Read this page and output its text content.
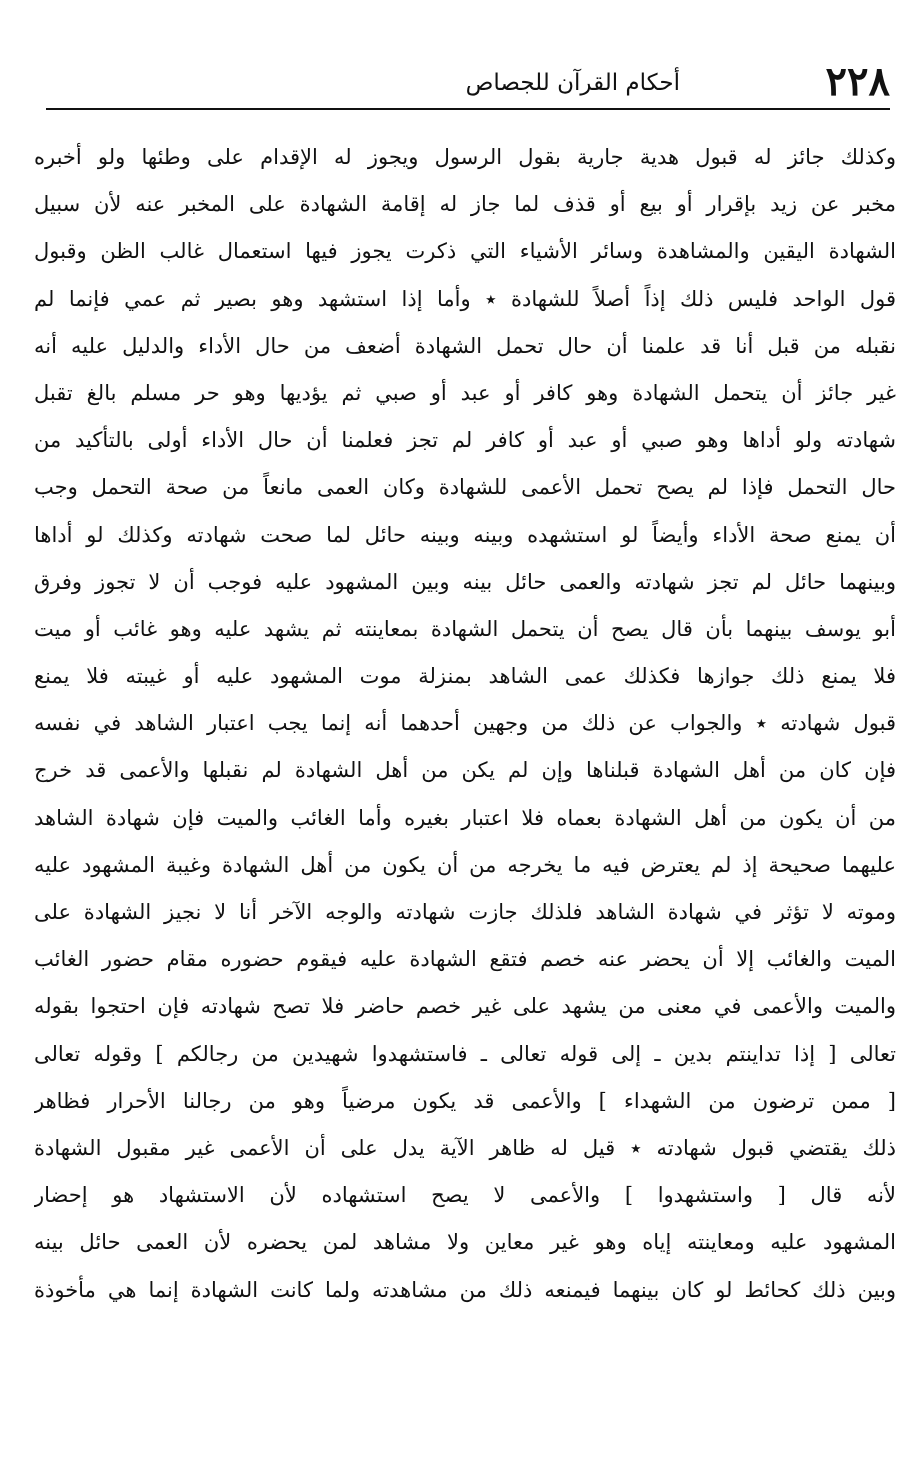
٢٢٨
أحكام القرآن للجصاص
وكذلك جائز له قبول هدية جارية بقول الرسول ويجوز له الإقدام على وطئها ولو أخبره
مخبر عن زيد بإقرار أو بيع أو قذف لما جاز له إقامة الشهادة على المخبر عنه لأن سبيل
الشهادة اليقين والمشاهدة وسائر الأشياء التي ذكرت يجوز فيها استعمال غالب الظن وقبول
قول الواحد فليس ذلك إذاً أصلاً للشهادة ٭ وأما إذا استشهد وهو بصير ثم عمي فإنما لم
نقبله من قبل أنا قد علمنا أن حال تحمل الشهادة أضعف من حال الأداء والدليل عليه أنه
غير جائز أن يتحمل الشهادة وهو كافر أو عبد أو صبي ثم يؤديها وهو حر مسلم بالغ تقبل
شهادته ولو أداها وهو صبي أو عبد أو كافر لم تجز فعلمنا أن حال الأداء أولى بالتأكيد من
حال التحمل فإذا لم يصح تحمل الأعمى للشهادة وكان العمى مانعاً من صحة التحمل وجب
أن يمنع صحة الأداء وأيضاً لو استشهده وبينه وبينه حائل لما صحت شهادته وكذلك لو أداها
وبينهما حائل لم تجز شهادته والعمى حائل بينه وبين المشهود عليه فوجب أن لا تجوز وفرق
أبو يوسف بينهما بأن قال يصح أن يتحمل الشهادة بمعاينته ثم يشهد عليه وهو غائب أو ميت
فلا يمنع ذلك جوازها فكذلك عمى الشاهد بمنزلة موت المشهود عليه أو غيبته فلا يمنع
قبول شهادته ٭ والجواب عن ذلك من وجهين أحدهما أنه إنما يجب اعتبار الشاهد في نفسه
فإن كان من أهل الشهادة قبلناها وإن لم يكن من أهل الشهادة لم نقبلها والأعمى قد خرج
من أن يكون من أهل الشهادة بعماه فلا اعتبار بغيره وأما الغائب والميت فإن شهادة الشاهد
عليهما صحيحة إذ لم يعترض فيه ما يخرجه من أن يكون من أهل الشهادة وغيبة المشهود عليه
وموته لا تؤثر في شهادة الشاهد فلذلك جازت شهادته والوجه الآخر أنا لا نجيز الشهادة على
الميت والغائب إلا أن يحضر عنه خصم فتقع الشهادة عليه فيقوم حضوره مقام حضور الغائب
والميت والأعمى في معنى من يشهد على غير خصم حاضر فلا تصح شهادته فإن احتجوا بقوله
تعالى [ إذا تداينتم بدين ـ إلى قوله تعالى ـ فاستشهدوا شهيدين من رجالكم ] وقوله تعالى
[ ممن ترضون من الشهداء ] والأعمى قد يكون مرضياً وهو من رجالنا الأحرار فظاهر
ذلك يقتضي قبول شهادته ٭ قيل له ظاهر الآية يدل على أن الأعمى غير مقبول الشهادة
لأنه قال [ واستشهدوا ] والأعمى لا يصح استشهاده لأن الاستشهاد هو إحضار
المشهود عليه ومعاينته إياه وهو غير معاين ولا مشاهد لمن يحضره لأن العمى حائل بينه
وبين ذلك كحائط لو كان بينهما فيمنعه ذلك من مشاهدته ولما كانت الشهادة إنما هي مأخوذة
